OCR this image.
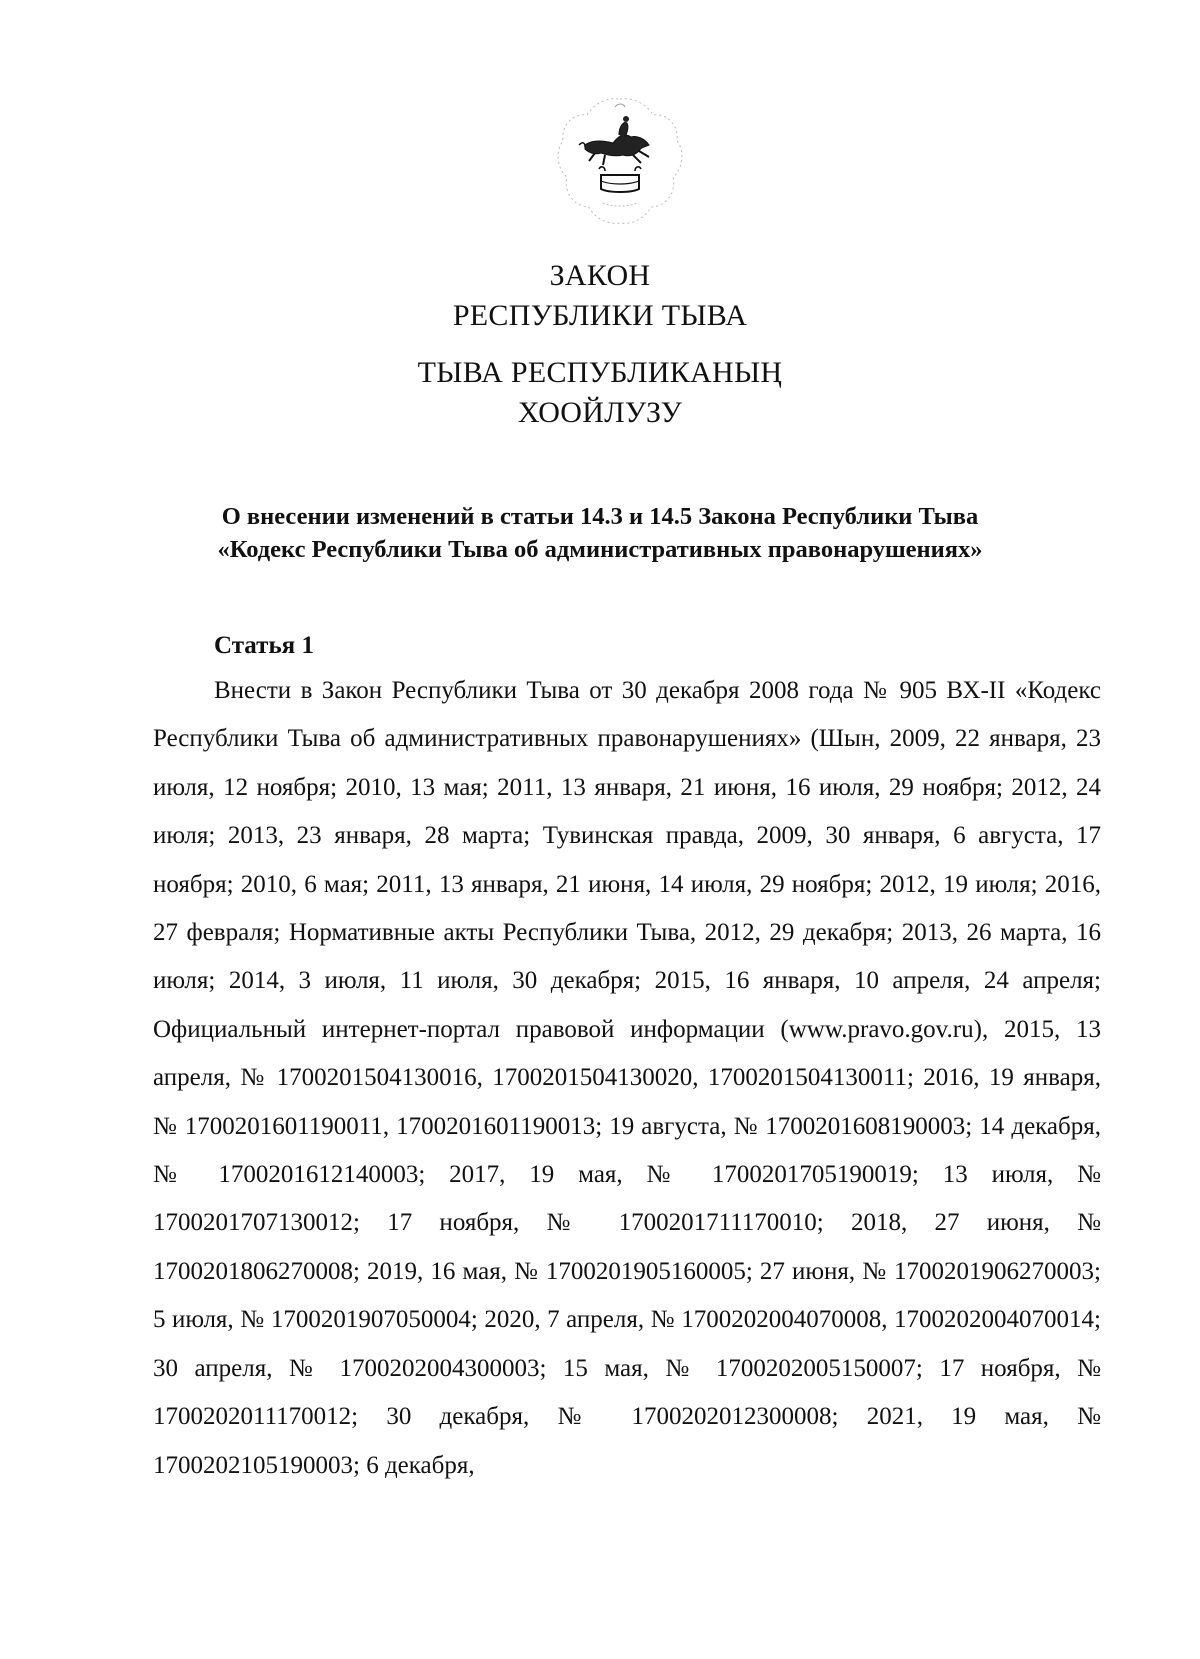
ЗАКОН
РЕСПУБЛИКИ ТЫВА
ТЫВА РЕСПУБЛИКАНЫҢ
ХООЙЛУЗУ
О внесении изменений в статьи 14.3 и 14.5 Закона Республики Тыва
«Кодекс Республики Тыва об административных правонарушениях»
Статья 1

Внести в Закон Республики Тыва от 30 декабря 2008 года № 905 ВХ-II «Кодекс Республики Тыва об административных правонарушениях» (Шын, 2009, 22 января, 23 июля, 12 ноября; 2010, 13 мая; 2011, 13 января, 21 июня, 16 июля, 29 ноября; 2012, 24 июля; 2013, 23 января, 28 марта; Тувинская правда, 2009, 30 января, 6 августа, 17 ноября; 2010, 6 мая; 2011, 13 января, 21 июня, 14 июля, 29 ноября; 2012, 19 июля; 2016, 27 февраля; Нормативные акты Республики Тыва, 2012, 29 декабря; 2013, 26 марта, 16 июля; 2014, 3 июля, 11 июля, 30 декабря; 2015, 16 января, 10 апреля, 24 апреля; Официальный интернет-портал правовой информации (www.pravo.gov.ru), 2015, 13 апреля, № 1700201504130016, 1700201504130020, 1700201504130011; 2016, 19 января, № 1700201601190011, 1700201601190013; 19 августа, № 1700201608190003; 14 декабря, № 1700201612140003; 2017, 19 мая, № 1700201705190019; 13 июля, № 1700201707130012; 17 ноября, № 1700201711170010; 2018, 27 июня, № 1700201806270008; 2019, 16 мая, № 1700201905160005; 27 июня, № 1700201906270003; 5 июля, № 1700201907050004; 2020, 7 апреля, № 1700202004070008, 1700202004070014; 30 апреля, № 1700202004300003; 15 мая, № 1700202005150007; 17 ноября, № 1700202011170012; 30 декабря, № 1700202012300008; 2021, 19 мая, № 1700202105190003; 6 декабря,
